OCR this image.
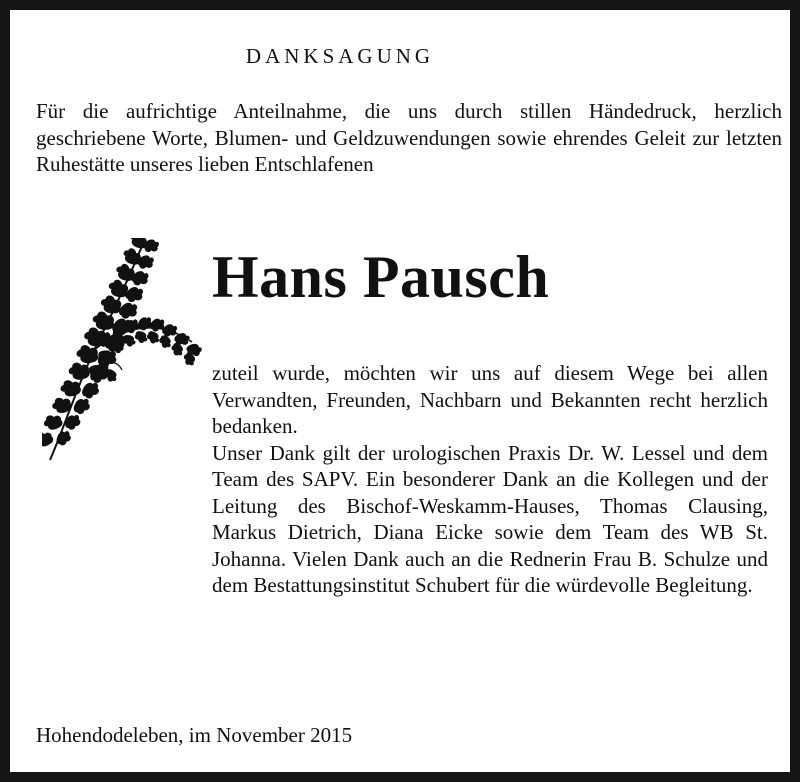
DANKSAGUNG
Für die aufrichtige Anteilnahme, die uns durch stillen Händedruck, herzlich geschriebene Worte, Blumen- und Geldzuwendungen sowie ehrendes Geleit zur letzten Ruhestätte unseres lieben Entschlafenen
Hans Pausch

zuteil wurde, möchten wir uns auf diesem Wege bei allen Verwandten, Freunden, Nachbarn und Bekannten recht herzlich bedanken.

Unser Dank gilt der urologischen Praxis Dr. W. Lessel und dem Team des SAPV. Ein besonderer Dank an die Kollegen und der Leitung des Bischof-Weskamm-Hauses, Thomas Clausing, Markus Dietrich, Diana Eicke sowie dem Team des WB St. Johanna. Vielen Dank auch an die Rednerin Frau B. Schulze und dem Bestattungsinstitut Schubert für die würdevolle Begleitung.

Hohendodeleben, im November 2015
